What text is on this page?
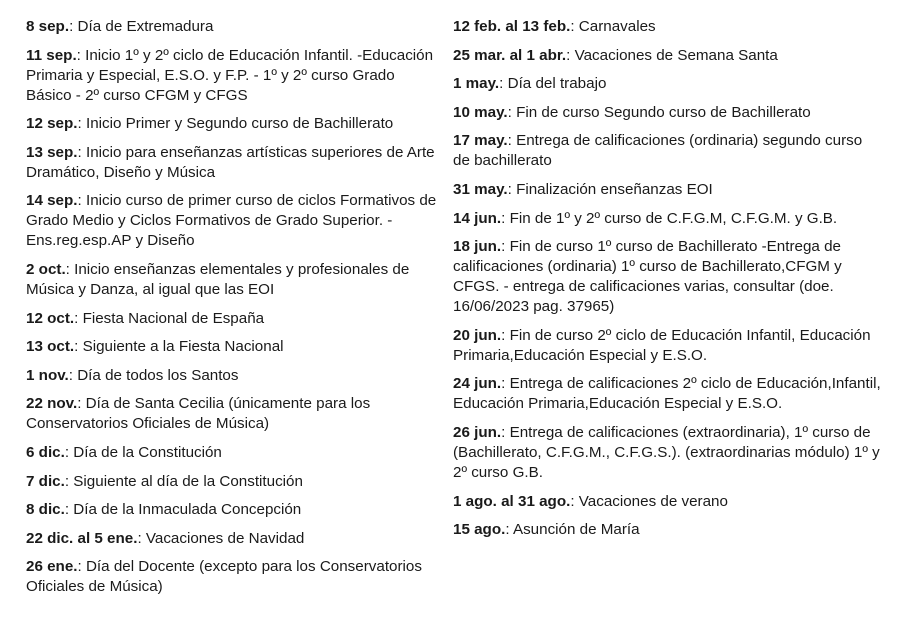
8 sep.: Día de Extremadura
11 sep.: Inicio 1º y 2º ciclo de Educación Infantil. -Educación Primaria y Especial, E.S.O. y F.P. - 1º y 2º curso Grado Básico - 2º curso CFGM y CFGS
12 sep.: Inicio Primer y Segundo curso de Bachillerato
13 sep.: Inicio para enseñanzas artísticas superiores de Arte Dramático, Diseño y Música
14 sep.: Inicio curso de primer curso de ciclos Formativos de Grado Medio y Ciclos Formativos de Grado Superior. - Ens.reg.esp.AP y Diseño
2 oct.: Inicio enseñanzas elementales y profesionales de Música y Danza, al igual que las EOI
12 oct.: Fiesta Nacional de España
13 oct.: Siguiente a la Fiesta Nacional
1 nov.: Día de todos los Santos
22 nov.: Día de Santa Cecilia (únicamente para los Conservatorios Oficiales de Música)
6 dic.: Día de la Constitución
7 dic.: Siguiente al día de la Constitución
8 dic.: Día de la Inmaculada Concepción
22 dic. al 5 ene.: Vacaciones de Navidad
26 ene.: Día del Docente (excepto para los Conservatorios Oficiales de Música)
12 feb. al 13 feb.: Carnavales
25 mar. al 1 abr.: Vacaciones de Semana Santa
1 may.: Día del trabajo
10 may.: Fin de curso Segundo curso de Bachillerato
17 may.: Entrega de calificaciones (ordinaria) segundo curso de bachillerato
31 may.: Finalización enseñanzas EOI
14 jun.: Fin de 1º y 2º curso de C.F.G.M, C.F.G.M. y G.B.
18 jun.: Fin de curso 1º curso de Bachillerato -Entrega de calificaciones (ordinaria) 1º curso de Bachillerato,CFGM y CFGS. - entrega de calificaciones varias, consultar (doe. 16/06/2023 pag. 37965)
20 jun.: Fin de curso 2º ciclo de Educación Infantil, Educación Primaria,Educación Especial y E.S.O.
24 jun.: Entrega de calificaciones 2º ciclo de Educación,Infantil, Educación Primaria,Educación Especial y E.S.O.
26 jun.: Entrega de calificaciones (extraordinaria), 1º curso de (Bachillerato, C.F.G.M., C.F.G.S.). (extraordinarias módulo) 1º y 2º curso G.B.
1 ago. al 31 ago.: Vacaciones de verano
15 ago.: Asunción de María
